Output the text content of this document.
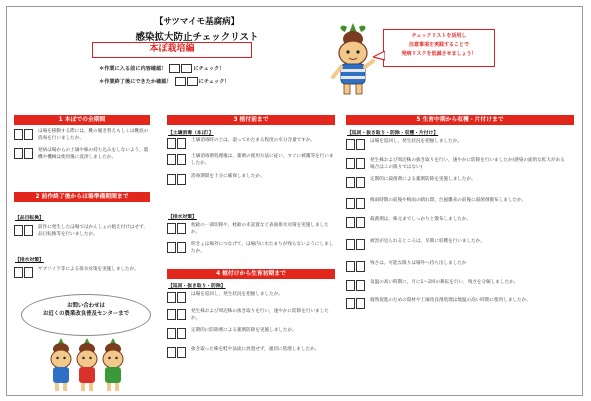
【サツマイモ基腐病】
感染拡大防止チェックリスト
本ぽ栽培編
＊作業に入る前に内容確認！	にチェック！
＊作業終了後にできたか確認！	にチェック！
チェックリストを活用し
注意事項を実践することで
発病リスクを低減させましょう！
1 本ぽでの全期間
ほ場を移動する際には，靴の履き替えもしくは靴底の消毒を行いましたか。
発病ほ場からの土壌や株の持ち込みをしないよう，農機や機械は使用後に洗浄しましたか。
2 前作終了後からほ場準備期間まで
【品目転換】
前作に発生したほ場ではかんしょの植え付けはせず，品目転換等を行いましたか。
【排水対策】
サブソイラ等による排水対策を実施しましたか。
お問い合わせは
お近くの農業改良普及センターまで
3 植付前まで
【土壌消毒（本ぽ）】
土壌消毒時の土は，湿ってかたまる程度の水分含量ですか。
土壌消毒剤処理後は，薬剤の使用方法に従い，すぐに被覆等を行いましたか。
消毒期間を十分に確保しましたか。
【排水対策】
枕畝の一部切除や，枕畝の未設置など表面排水対策を実施しましたか。
明きょは場外につなげて，ほ場内に水たまりが残らないようにしましたか。
4 植付けから生育初期まで
【巡回・抜き取り・防除】
ほ場を巡回し，発生状況を把握しましたか。
発生株および周辺株の抜き取りを行い，速やかに防除を行いましたか。
定期的に防除剤による薬剤防除を実施しましたか。
抜き取った株を畦や法面に放置せず，適切に処理しましたか。
5 生育中期から収穫・片付けまで
【巡回・抜き取り・防除・収穫・片付け】
ほ場を巡回し，発生状況を把握しましたか。
発生株および周辺株の抜き取りを行い，速やかに防除を行いましたか(感染の面的な拡大がある場合はこの限りではない)
定期的に殺菌剤による薬剤防除を実施しましたか。
梅雨時期の前後や梅雨の晴れ間，台風襲来の前後に殺菌剤散布しましたか。
殺菌剤は，株元までしっかりと散布しましたか。
被害が見られるところは，早期に収穫を行いましたか。
残さは，可能な限りほ場外へ持ち出しましたか
気温の高い時期に，月に1～2回の耕耘を行い，残さを分解しましたか。
腐熟促進のための資材や土壌改良剤処理は地温の高い時期に使用しましたか。
